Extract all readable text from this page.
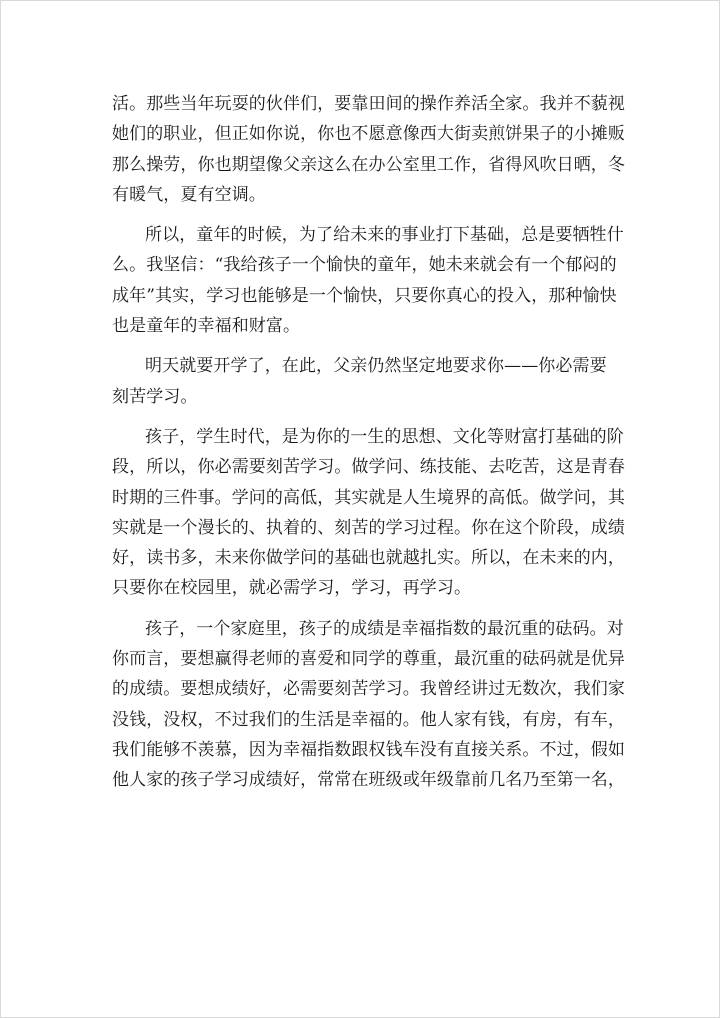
活。那些当年玩耍的伙伴们，要靠田间的操作养活全家。我并不藐视
她们的职业，但正如你说，你也不愿意像西大街卖煎饼果子的小摊贩
那么操劳，你也期望像父亲这么在办公室里工作，省得风吹日晒，冬
有暖气，夏有空调。

所以，童年的时候，为了给未来的事业打下基础，总是要牺牲什
么。我坚信：“我给孩子一个愉快的童年，她未来就会有一个郁闷的
成年”其实，学习也能够是一个愉快，只要你真心的投入，那种愉快
也是童年的幸福和财富。

明天就要开学了，在此，父亲仍然坚定地要求你——你必需要
刻苦学习。

孩子，学生时代，是为你的一生的思想、文化等财富打基础的阶
段，所以，你必需要刻苦学习。做学问、练技能、去吃苦，这是青春
时期的三件事。学问的高低，其实就是人生境界的高低。做学问，其
实就是一个漫长的、执着的、刻苦的学习过程。你在这个阶段，成绩
好，读书多，未来你做学问的基础也就越扎实。所以，在未来的内，
只要你在校园里，就必需学习，学习，再学习。

孩子，一个家庭里，孩子的成绩是幸福指数的最沉重的砝码。对
你而言，要想赢得老师的喜爱和同学的尊重，最沉重的砝码就是优异
的成绩。要想成绩好，必需要刻苦学习。我曾经讲过无数次，我们家
没钱，没权，不过我们的生活是幸福的。他人家有钱，有房，有车，
我们能够不羡慕，因为幸福指数跟权钱车没有直接关系。不过，假如
他人家的孩子学习成绩好，常常在班级或年级靠前几名乃至第一名，
